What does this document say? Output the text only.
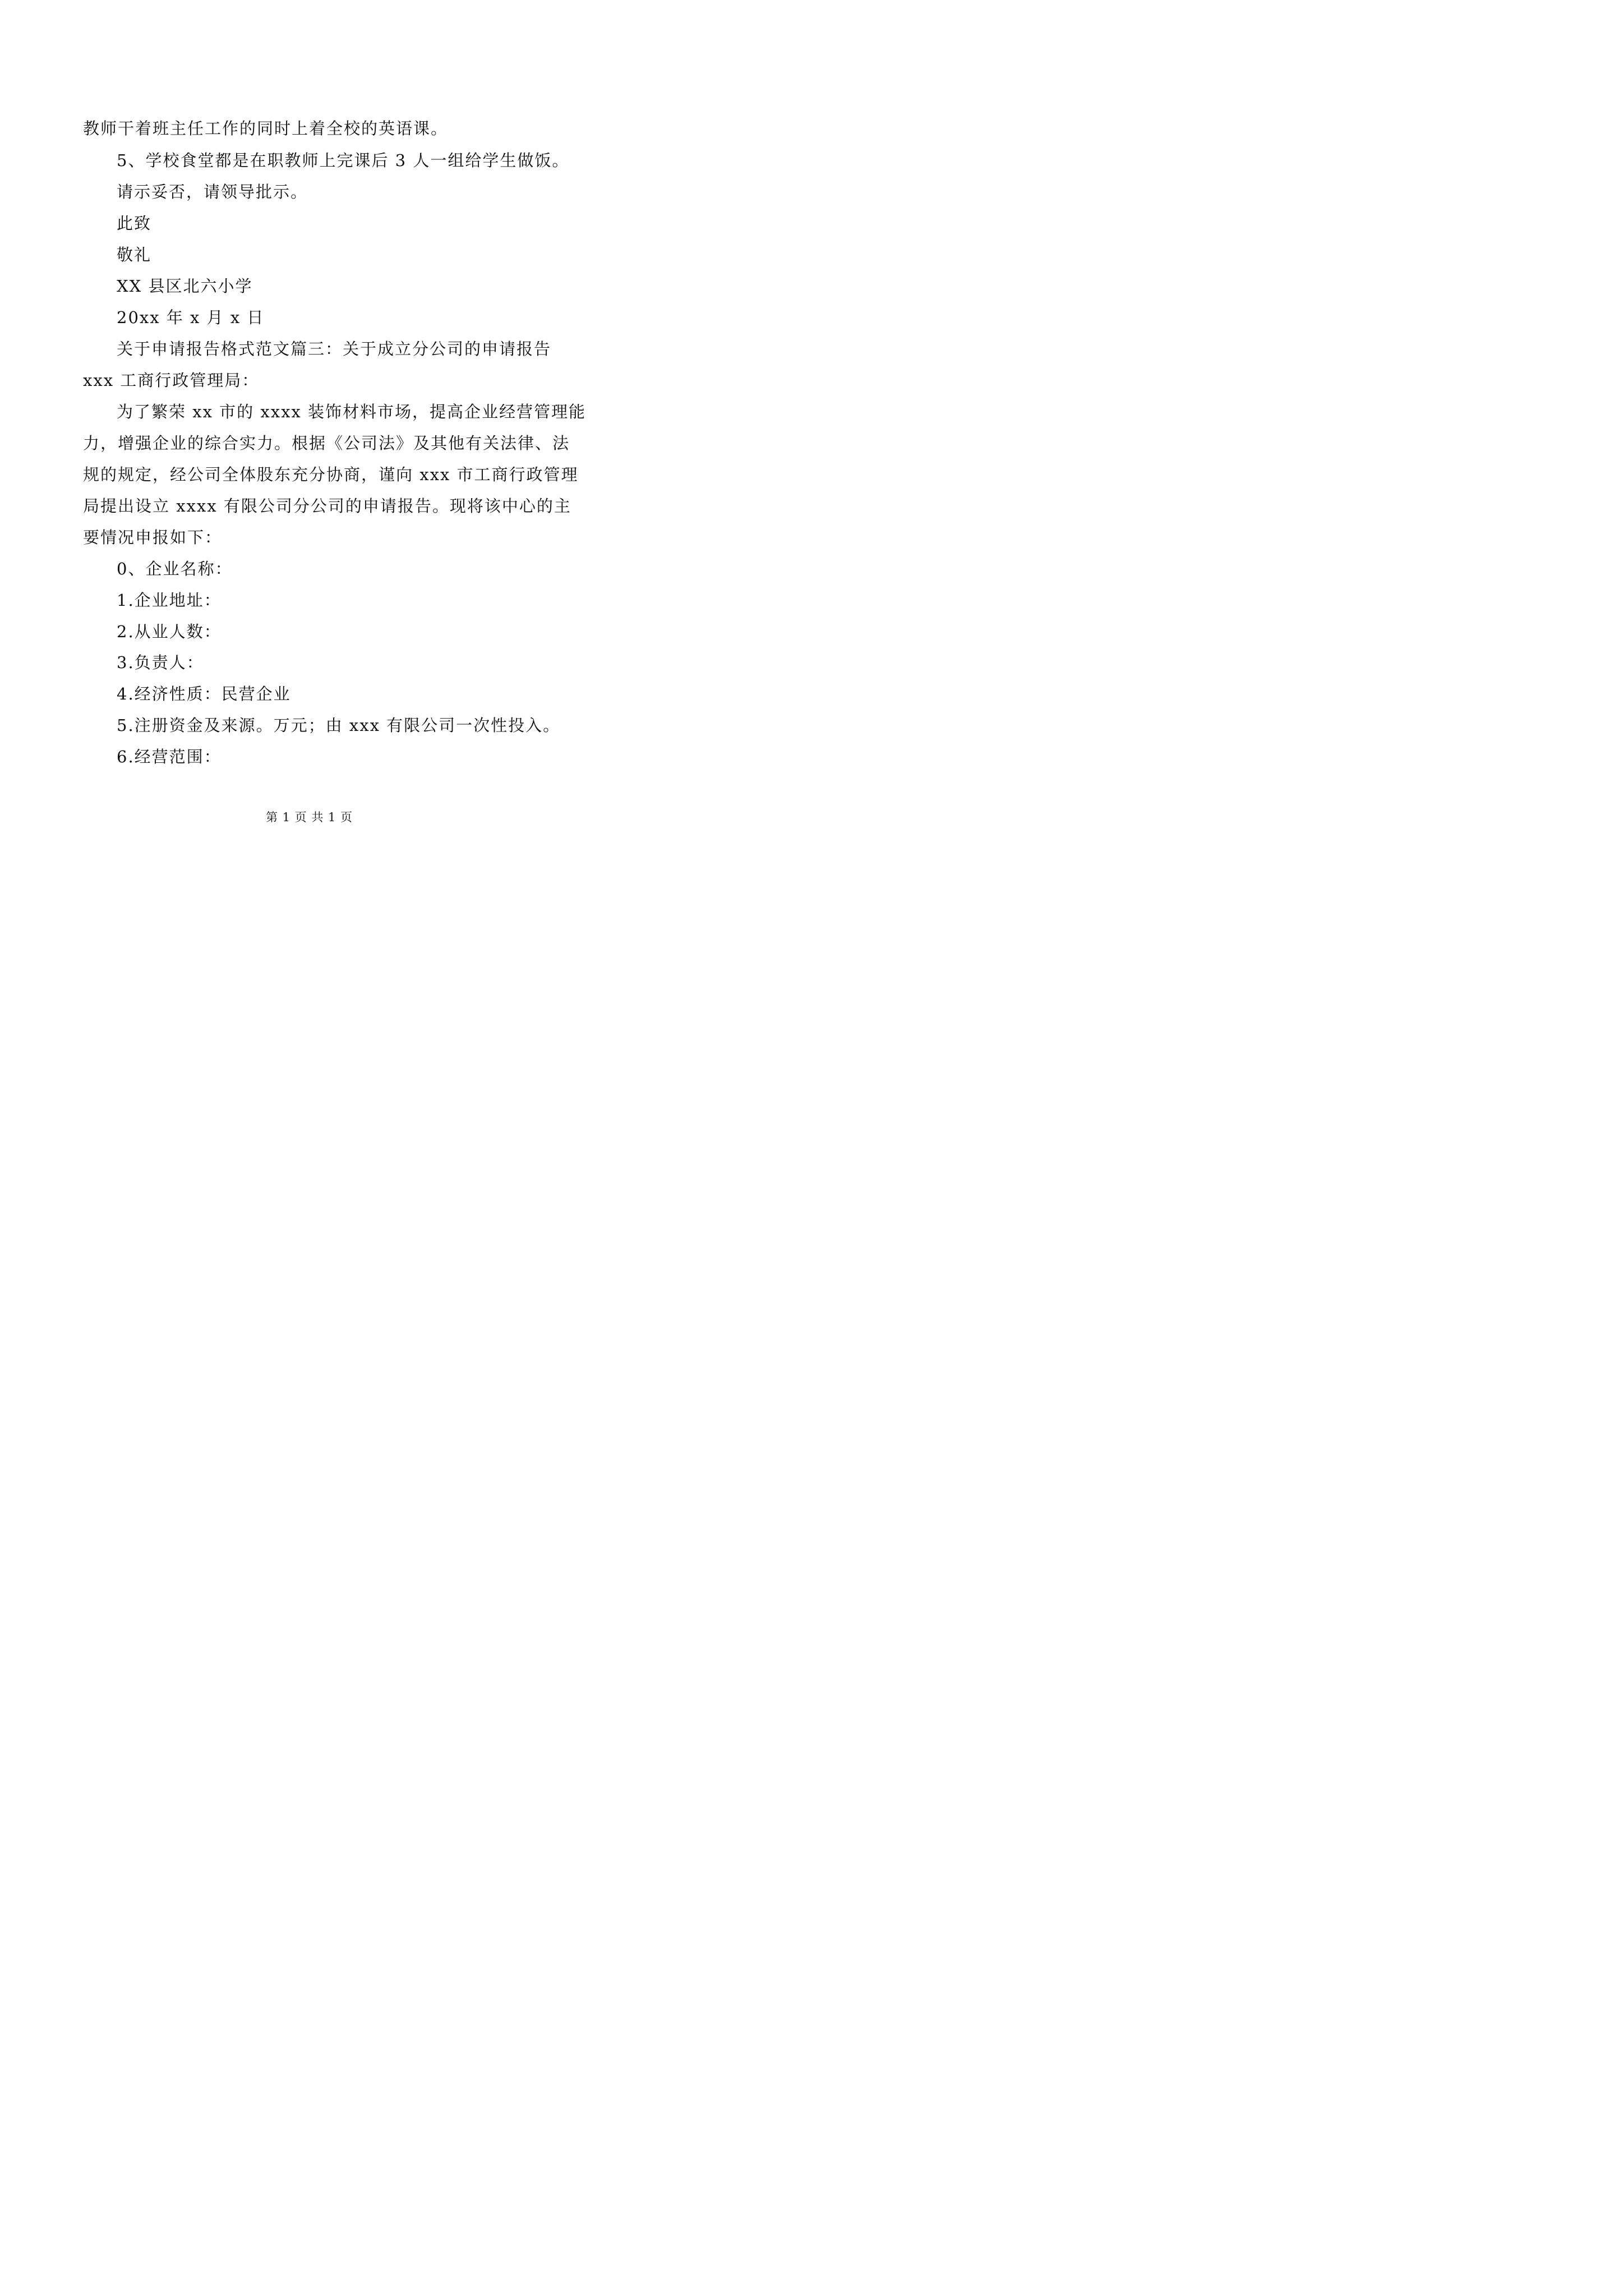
教师干着班主任工作的同时上着全校的英语课。
5、学校食堂都是在职教师上完课后 3 人一组给学生做饭。
请示妥否，请领导批示。
此致
敬礼
XX 县区北六小学
20xx 年 x 月 x 日
关于申请报告格式范文篇三：关于成立分公司的申请报告
xxx 工商行政管理局：
为了繁荣 xx 市的 xxxx 装饰材料市场，提高企业经营管理能
力，增强企业的综合实力。根据《公司法》及其他有关法律、法
规的规定，经公司全体股东充分协商，谨向 xxx 市工商行政管理
局提出设立 xxxx 有限公司分公司的申请报告。现将该中心的主
要情况申报如下：
0、企业名称：
1.企业地址：
2.从业人数：
3.负责人：
4.经济性质：民营企业
5.注册资金及来源。万元；由 xxx 有限公司一次性投入。
6.经营范围：
第 1 页 共 1 页
